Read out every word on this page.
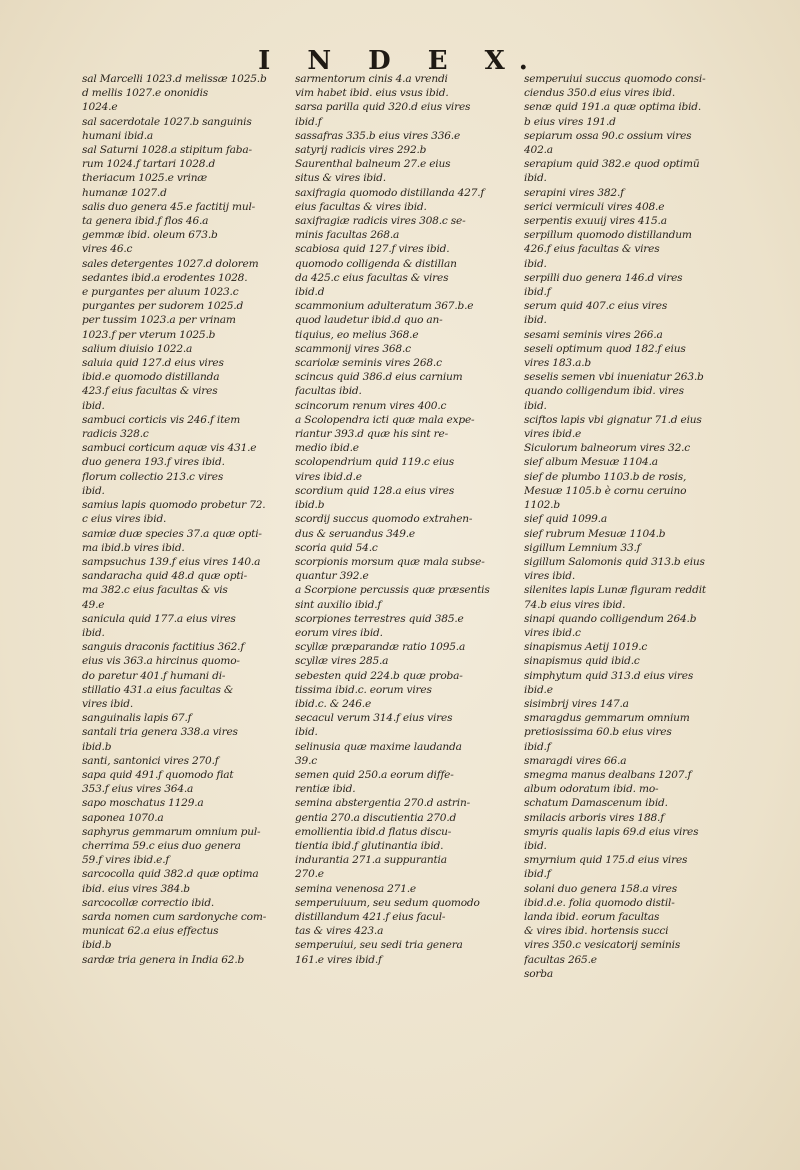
I N D E X.
sal Marcelli 1023.d melissæ 1025.b
d mellis 1027.e ononidis
1024.e
sal sacerdotale 1027.b sanguinis
humani ibid.a
sal Saturni 1028.a stipitum faba-
rum 1024.f tartari 1028.d
theriacum 1025.e vrinæ
humanæ 1027.d
salis duo genera 45.e factitij mul-
ta genera ibid.f flos 46.a
gemmæ ibid. oleum 673.b
vires 46.c
sales detergentes 1027.d dolorem
sedantes ibid.a erodentes 1028.
e purgantes per aluum 1023.c
purgantes per sudorem 1025.d
per tussim 1023.a per vrinam
1023.f per vterum 1025.b
salium diuisio 1022.a
saluia quid 127.d eius vires
ibid.e quomodo distillanda
423.f eius facultas & vires
ibid.
sambuci corticis vis 246.f item
radicis 328.c
sambuci corticum aquæ vis 431.e
duo genera 193.f vires ibid.
florum collectio 213.c vires
ibid.
samius lapis quomodo probetur 72.
c eius vires ibid.
samiæ duæ species 37.a quæ opti-
ma ibid.b vires ibid.
sampsuchus 139.f eius vires 140.a
sandaracha quid 48.d quæ opti-
ma 382.c eius facultas & vis
49.e
sanicula quid 177.a eius vires
ibid.
sanguis draconis factitius 362.f
eius vis 363.a hircinus quomo-
do paretur 401.f humani di-
stillatio 431.a eius facultas &
vires ibid.
sanguinalis lapis 67.f
santali tria genera 338.a vires
ibid.b
santi, santonici vires 270.f
sapa quid 491.f quomodo fiat
353.f eius vires 364.a
sapo moschatus 1129.a
saponea 1070.a
saphyrus gemmarum omnium pul-
cherrima 59.c eius duo genera
59.f vires ibid.e.f
sarcocolla quid 382.d quæ optima
ibid. eius vires 384.b
sarcocollæ correctio ibid.
sarda nomen cum sardonyche com-
municat 62.a eius effectus
ibid.b
sardæ tria genera in India 62.b
sarmentorum cinis 4.a vrendi
vim habet ibid. eius vsus ibid.
sarsa parilla quid 320.d eius vires
ibid.f
sassafras 335.b eius vires 336.e
satyrij radicis vires 292.b
Saurenthal balneum 27.e eius
situs & vires ibid.
saxifragia quomodo distillanda 427.f
eius facultas & vires ibid.
saxifragiæ radicis vires 308.c se-
minis facultas 268.a
scabiosa quid 127.f vires ibid.
quomodo colligenda & distillan
da 425.c eius facultas & vires
ibid.d
scammonium adulteratum 367.b.e
quod laudetur ibid.d quo an-
tiquius, eo melius 368.e
scammonij vires 368.c
scariolæ seminis vires 268.c
scincus quid 386.d eius carnium
facultas ibid.
scincorum renum vires 400.c
a Scolopendra icti quæ mala expe-
riantur 393.d quæ his sint re-
medio ibid.e
scolopendrium quid 119.c eius
vires ibid.d.e
scordium quid 128.a eius vires
ibid.b
scordij succus quomodo extrahen-
dus & seruandus 349.e
scoria quid 54.c
scorpionis morsum quæ mala subse-
quantur 392.e
a Scorpione percussis quæ præsentis
sint auxilio ibid.f
scorpiones terrestres quid 385.e
eorum vires ibid.
scyllæ præparandæ ratio 1095.a
scyllæ vires 285.a
sebesten quid 224.b quæ proba-
tissima ibid.c. eorum vires
ibid.c. & 246.e
secacul verum 314.f eius vires
ibid.
selinusia quæ maxime laudanda
39.c
semen quid 250.a eorum diffe-
rentiæ ibid.
semina abstergentia 270.d astrin-
gentia 270.a discutientia 270.d
emollientia ibid.d flatus discu-
tientia ibid.f glutinantia ibid.
indurantia 271.a suppurantia
270.e
semina venenosa 271.e
semperuiuum, seu sedum quomodo
distillandum 421.f eius facul-
tas & vires 423.a
semperuiui, seu sedi tria genera
161.e vires ibid.f
semperuiui succus quomodo consi-
ciendus 350.d eius vires ibid.
senæ quid 191.a quæ optima ibid.
b eius vires 191.d
sepiarum ossa 90.c ossium vires
402.a
serapium quid 382.e quod optimū
ibid.
serapini vires 382.f
serici vermiculi vires 408.e
serpentis exuuij vires 415.a
serpillum quomodo distillandum
426.f eius facultas & vires
ibid.
serpilli duo genera 146.d vires
ibid.f
serum quid 407.c eius vires
ibid.
sesami seminis vires 266.a
seseli optimum quod 182.f eius
vires 183.a.b
seselis semen vbi inueniatur 263.b
quando colligendum ibid. vires
ibid.
sciftos lapis vbi gignatur 71.d eius
vires ibid.e
Siculorum balneorum vires 32.c
sief album Mesuæ 1104.a
sief de plumbo 1103.b de rosis,
Mesuæ 1105.b è cornu ceruino
1102.b
sief quid 1099.a
sief rubrum Mesuæ 1104.b
sigillum Lemnium 33.f
sigillum Salomonis quid 313.b eius
vires ibid.
silenites lapis Lunæ figuram reddit
74.b eius vires ibid.
sinapi quando colligendum 264.b
vires ibid.c
sinapismus Aetij 1019.c
sinapismus quid ibid.c
simphytum quid 313.d eius vires
ibid.e
sisimbrij vires 147.a
smaragdus gemmarum omnium
pretiosissima 60.b eius vires
ibid.f
smaragdi vires 66.a
smegma manus dealbans 1207.f
album odoratum ibid. mo-
schatum Damascenum ibid.
smilacis arboris vires 188.f
smyris qualis lapis 69.d eius vires
ibid.
smyrnium quid 175.d eius vires
ibid.f
solani duo genera 158.a vires
ibid.d.e. folia quomodo distil-
landa ibid. eorum facultas
& vires ibid. hortensis succi
vires 350.c vesicatorij seminis
facultas 265.e
sorba
